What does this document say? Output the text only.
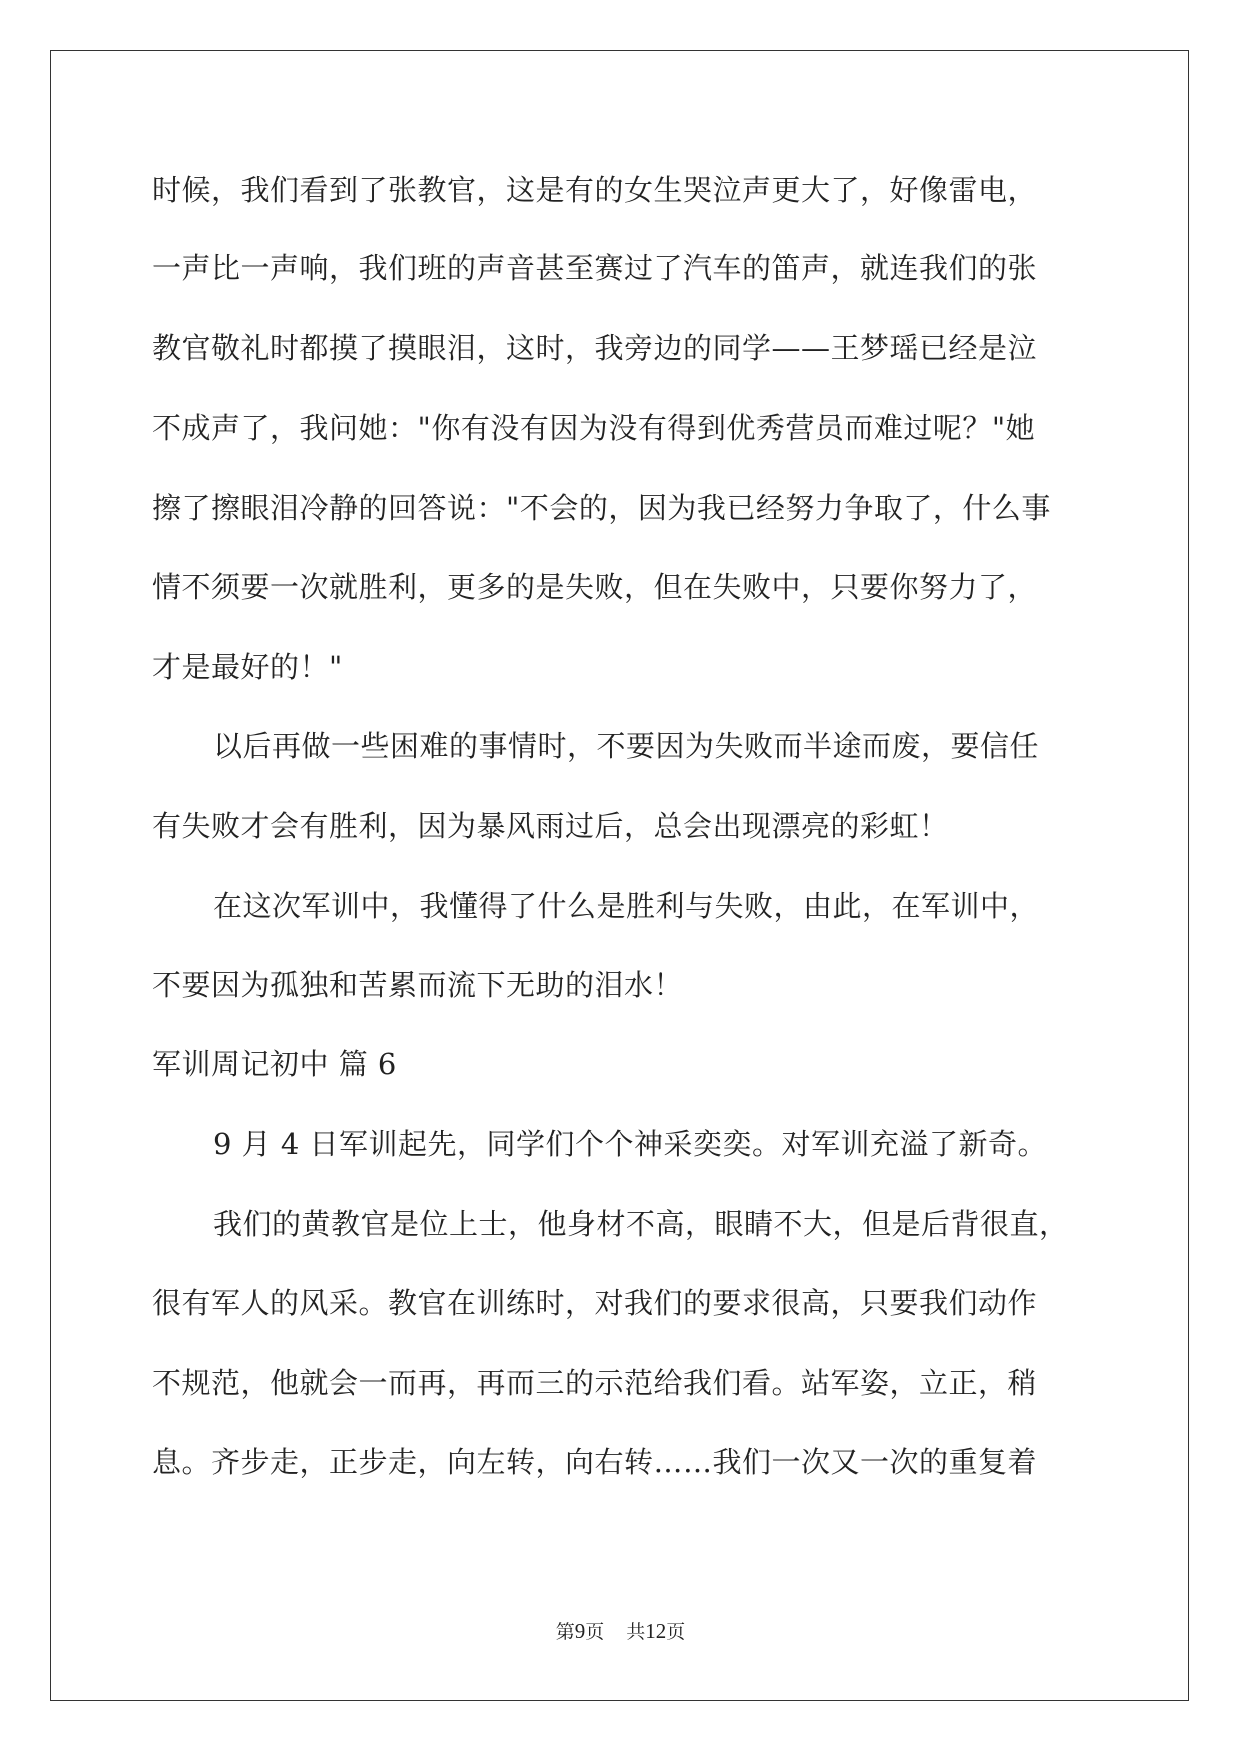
时候，我们看到了张教官，这是有的女生哭泣声更大了，好像雷电，
一声比一声响，我们班的声音甚至赛过了汽车的笛声，就连我们的张
教官敬礼时都摸了摸眼泪，这时，我旁边的同学——王梦瑶已经是泣
不成声了，我问她："你有没有因为没有得到优秀营员而难过呢？"她
擦了擦眼泪冷静的回答说："不会的，因为我已经努力争取了，什么事
情不须要一次就胜利，更多的是失败，但在失败中，只要你努力了，
才是最好的！"
以后再做一些困难的事情时，不要因为失败而半途而废，要信任
有失败才会有胜利，因为暴风雨过后，总会出现漂亮的彩虹！
在这次军训中，我懂得了什么是胜利与失败，由此，在军训中，
不要因为孤独和苦累而流下无助的泪水！
军训周记初中 篇 6
9 月 4 日军训起先，同学们个个神采奕奕。对军训充溢了新奇。
我们的黄教官是位上士，他身材不高，眼睛不大，但是后背很直，
很有军人的风采。教官在训练时，对我们的要求很高，只要我们动作
不规范，他就会一而再，再而三的示范给我们看。站军姿，立正，稍
息。齐步走，正步走，向左转，向右转……我们一次又一次的重复着
第9页 共12页
